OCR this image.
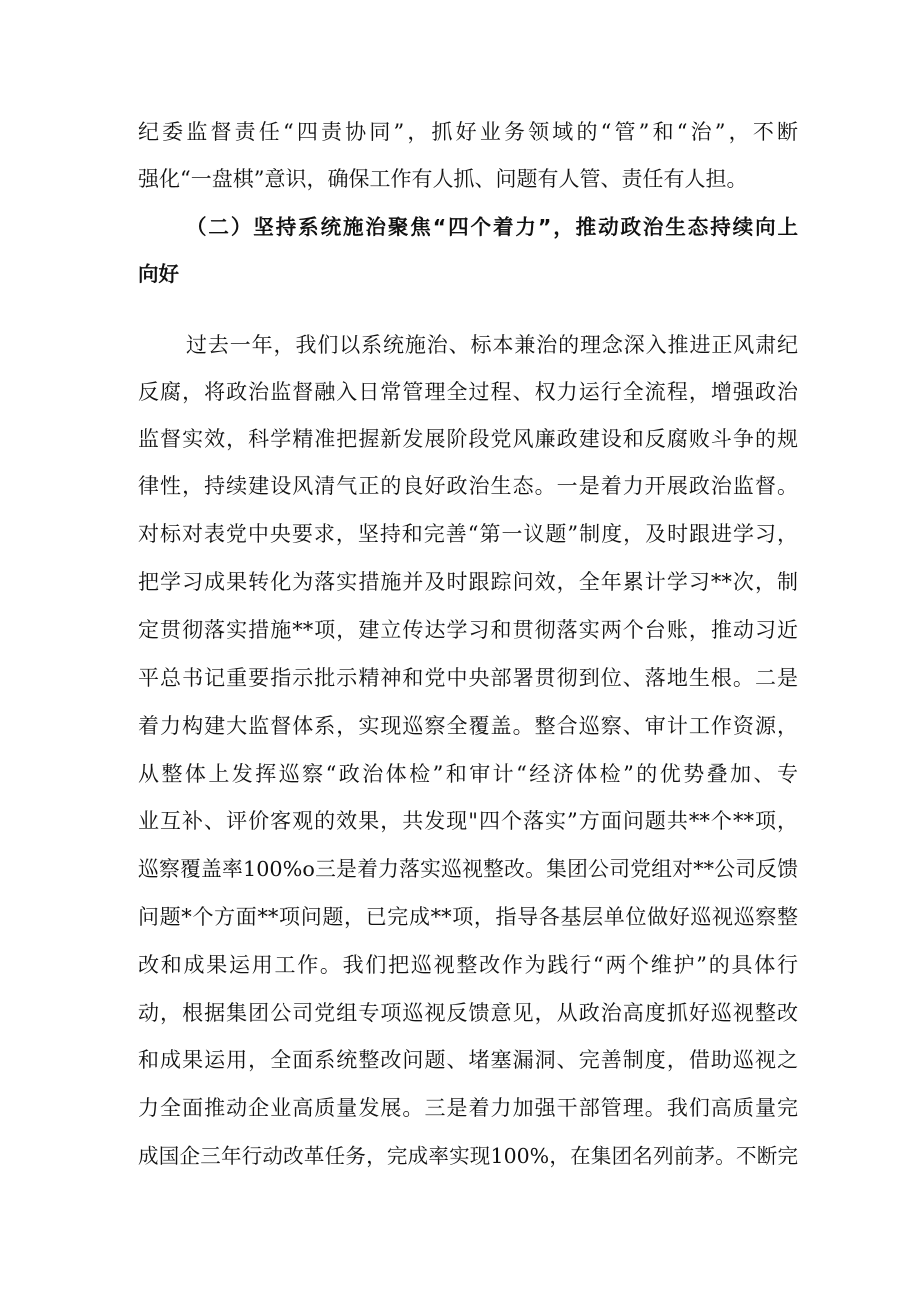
纪委监督责任“四责协同”，抓好业务领域的“管”和“治”，不断
强化“一盘棋”意识，确保工作有人抓、问题有人管、责任有人担。
（二）坚持系统施治聚焦“四个着力”，推动政治生态持续向上
向好
过去一年，我们以系统施治、标本兼治的理念深入推进正风肃纪
反腐，将政治监督融入日常管理全过程、权力运行全流程，增强政治
监督实效，科学精准把握新发展阶段党风廉政建设和反腐败斗争的规
律性，持续建设风清气正的良好政治生态。一是着力开展政治监督。
对标对表党中央要求，坚持和完善“第一议题”制度，及时跟进学习，
把学习成果转化为落实措施并及时跟踪问效，全年累计学习**次，制
定贯彻落实措施**项，建立传达学习和贯彻落实两个台账，推动习近
平总书记重要指示批示精神和党中央部署贯彻到位、落地生根。二是
着力构建大监督体系，实现巡察全覆盖。整合巡察、审计工作资源，
从整体上发挥巡察“政治体检”和审计“经济体检”的优势叠加、专
业互补、评价客观的效果，共发现"四个落实”方面问题共**个**项，
巡察覆盖率100%o三是着力落实巡视整改。集团公司党组对**公司反馈
问题*个方面**项问题，已完成**项，指导各基层单位做好巡视巡察整
改和成果运用工作。我们把巡视整改作为践行“两个维护”的具体行
动，根据集团公司党组专项巡视反馈意见，从政治高度抓好巡视整改
和成果运用，全面系统整改问题、堵塞漏洞、完善制度，借助巡视之
力全面推动企业高质量发展。三是着力加强干部管理。我们高质量完
成国企三年行动改革任务，完成率实现100%，在集团名列前茅。不断完
